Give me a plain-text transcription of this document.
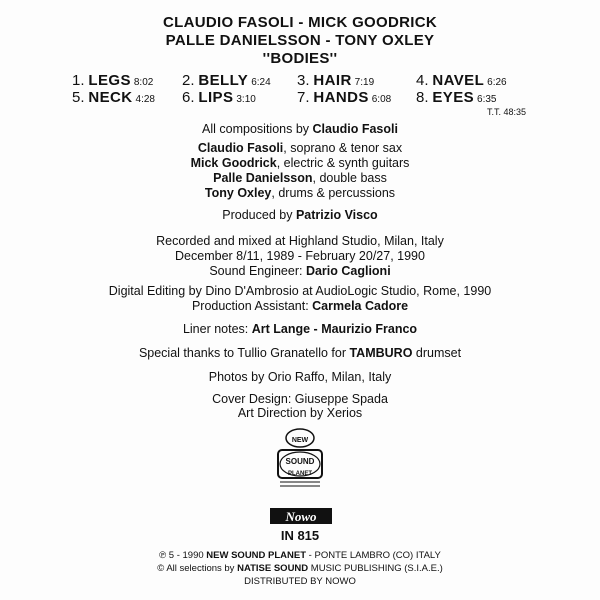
CLAUDIO FASOLI - MICK GOODRICK
PALLE DANIELSSON - TONY OXLEY
''BODIES''
1. LEGS 8:02 2. BELLY 6:24 3. HAIR 7:19	4. NAVEL 6:26
5. NECK 4:28 6. LIPS 3:10	7. HANDS 6:08 8. EYES 6:35
T.T. 48:35
All compositions by Claudio Fasoli
Claudio Fasoli, soprano & tenor sax
Mick Goodrick, electric & synth guitars
Palle Danielsson, double bass
Tony Oxley, drums & percussions
Produced by Patrizio Visco
Recorded and mixed at Highland Studio, Milan, Italy
December 8/11, 1989 - February 20/27, 1990
Sound Engineer: Dario Caglioni
Digital Editing by Dino D'Ambrosio at AudioLogic Studio, Rome, 1990
Production Assistant: Carmela Cadore
Liner notes: Art Lange - Maurizio Franco
Special thanks to Tullio Granatello for TAMBURO drumset
Photos by Orio Raffo, Milan, Italy
Cover Design: Giuseppe Spada
Art Direction by Xerios
NEW
SOUND
PLANET
Nowo
IN 815
℗ 5 - 1990 NEW SOUND PLANET - PONTE LAMBRO (CO) ITALY
© All selections by NATISE SOUND MUSIC PUBLISHING (S.I.A.E.)
DISTRIBUTED BY NOWO
